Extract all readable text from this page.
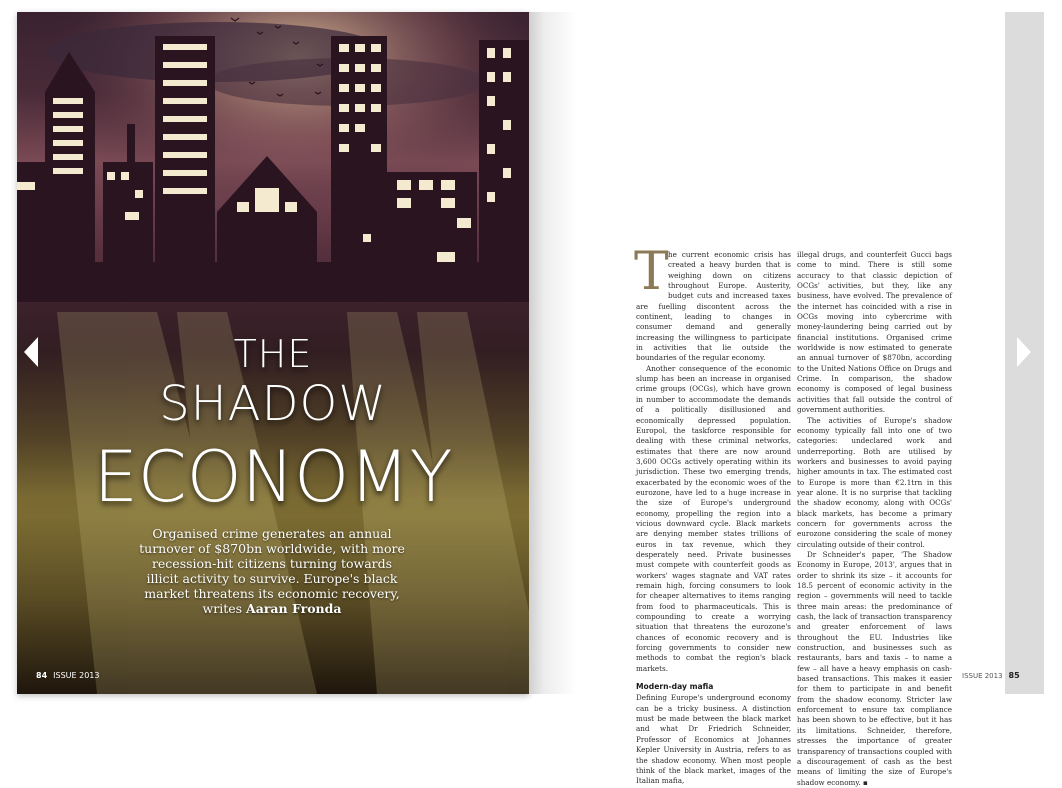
THE
SHADOW
ECONOMY
Organised crime generates an annual turnover of $870bn worldwide, with more recession-hit citizens turning towards illicit activity to survive. Europe's black market threatens its economic recovery, writes Aaran Fronda
84 ISSUE 2013
T he current economic crisis has created a heavy burden that is weighing down on citizens throughout Europe. Austerity, budget cuts and increased taxes are fuelling discontent across the continent, leading to changes in consumer demand and generally increasing the willingness to participate in activities that lie outside the boundaries of the regular economy.

Another consequence of the economic slump has been an increase in organised crime groups (OCGs), which have grown in number to accommodate the demands of a politically disillusioned and economically depressed population. Europol, the taskforce responsible for dealing with these criminal networks, estimates that there are now around 3,600 OCGs actively operating within its jurisdiction. These two emerging trends, exacerbated by the economic woes of the eurozone, have led to a huge increase in the size of Europe's underground economy, propelling the region into a vicious downward cycle. Black markets are denying member states trillions of euros in tax revenue, which they desperately need. Private businesses must compete with counterfeit goods as workers' wages stagnate and VAT rates remain high, forcing consumers to look for cheaper alternatives to items ranging from food to pharmaceuticals. This is compounding to create a worrying situation that threatens the eurozone's chances of economic recovery and is forcing governments to consider new methods to combat the region's black markets.

Modern-day mafia

Defining Europe's underground economy can be a tricky business. A distinction must be made between the black market and what Dr Friedrich Schneider, Professor of Economics at Johannes Kepler University in Austria, refers to as the shadow economy. When most people think of the black market, images of the Italian mafia,

illegal drugs, and counterfeit Gucci bags come to mind. There is still some accuracy to that classic depiction of OCGs' activities, but they, like any business, have evolved. The prevalence of the internet has coincided with a rise in OCGs moving into cybercrime with money-laundering being carried out by financial institutions. Organised crime worldwide is now estimated to generate an annual turnover of $870bn, according to the United Nations Office on Drugs and Crime. In comparison, the shadow economy is composed of legal business activities that fall outside the control of government authorities.

The activities of Europe's shadow economy typically fall into one of two categories: undeclared work and underreporting. Both are utilised by workers and businesses to avoid paying higher amounts in tax. The estimated cost to Europe is more than €2.1trn in this year alone. It is no surprise that tackling the shadow economy, along with OCGs' black markets, has become a primary concern for governments across the eurozone considering the scale of money circulating outside of their control.

Dr Schneider's paper, 'The Shadow Economy in Europe, 2013', argues that in order to shrink its size – it accounts for 18.5 percent of economic activity in the region – governments will need to tackle three main areas: the predominance of cash, the lack of transaction transparency and greater enforcement of laws throughout the EU. Industries like construction, and businesses such as restaurants, bars and taxis – to name a few – all have a heavy emphasis on cash-based transactions. This makes it easier for them to participate in and benefit from the shadow economy. Stricter law enforcement to ensure tax compliance has been shown to be effective, but it has its limitations. Schneider, therefore, stresses the importance of greater transparency of transactions coupled with a discouragement of cash as the best means of limiting the size of Europe's shadow economy. ▪

ISSUE 2013 85
